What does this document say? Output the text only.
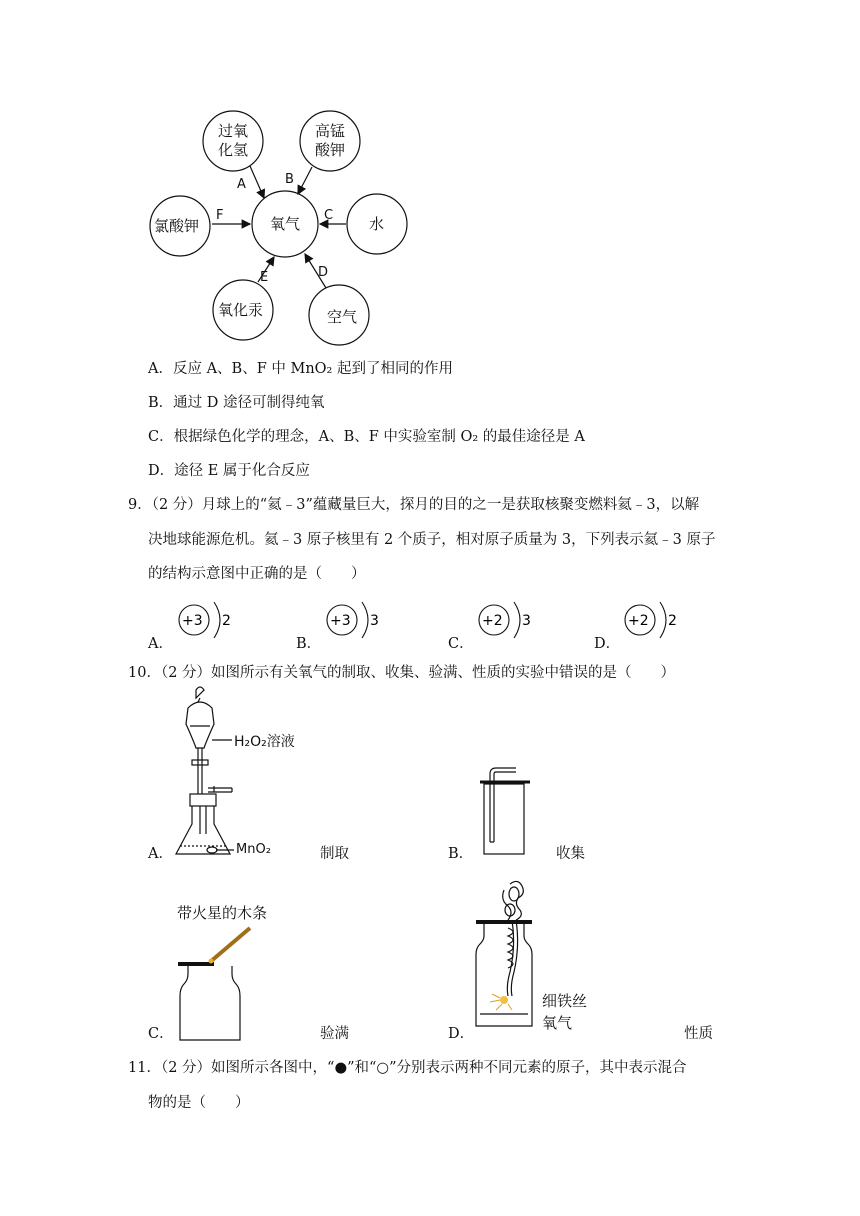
过氧
化氢
高锰
酸钾
氯酸钾	氧气	水
氧化汞	空气
A	B
F	C
E	D
A．反应 A、B、F 中 MnO₂ 起到了相同的作用
B．通过 D 途径可制得纯氧
C．根据绿色化学的理念，A、B、F 中实验室制 O₂ 的最佳途径是 A
D．途径 E 属于化合反应
9．（2 分）月球上的“氦﹣3”蕴藏量巨大，探月的目的之一是获取核聚变燃料氦﹣3，以解
决地球能源危机。氦﹣3 原子核里有 2 个质子，相对原子质量为 3，下列表示氦﹣3 原子
的结构示意图中正确的是（　　）
A．
+3 2
B．
+3 3
C．
+2 3
D．
+2 2
10．（2 分）如图所示有关氧气的制取、收集、验满、性质的实验中错误的是（　　）
H₂O₂溶液
MnO₂
A．	制取	B．	收集
带火星的木条
C．	验满
细铁丝
氧气
D．	性质
11．（2 分）如图所示各图中，“●”和“○”分别表示两种不同元素的原子，其中表示混合
物的是（　　）
